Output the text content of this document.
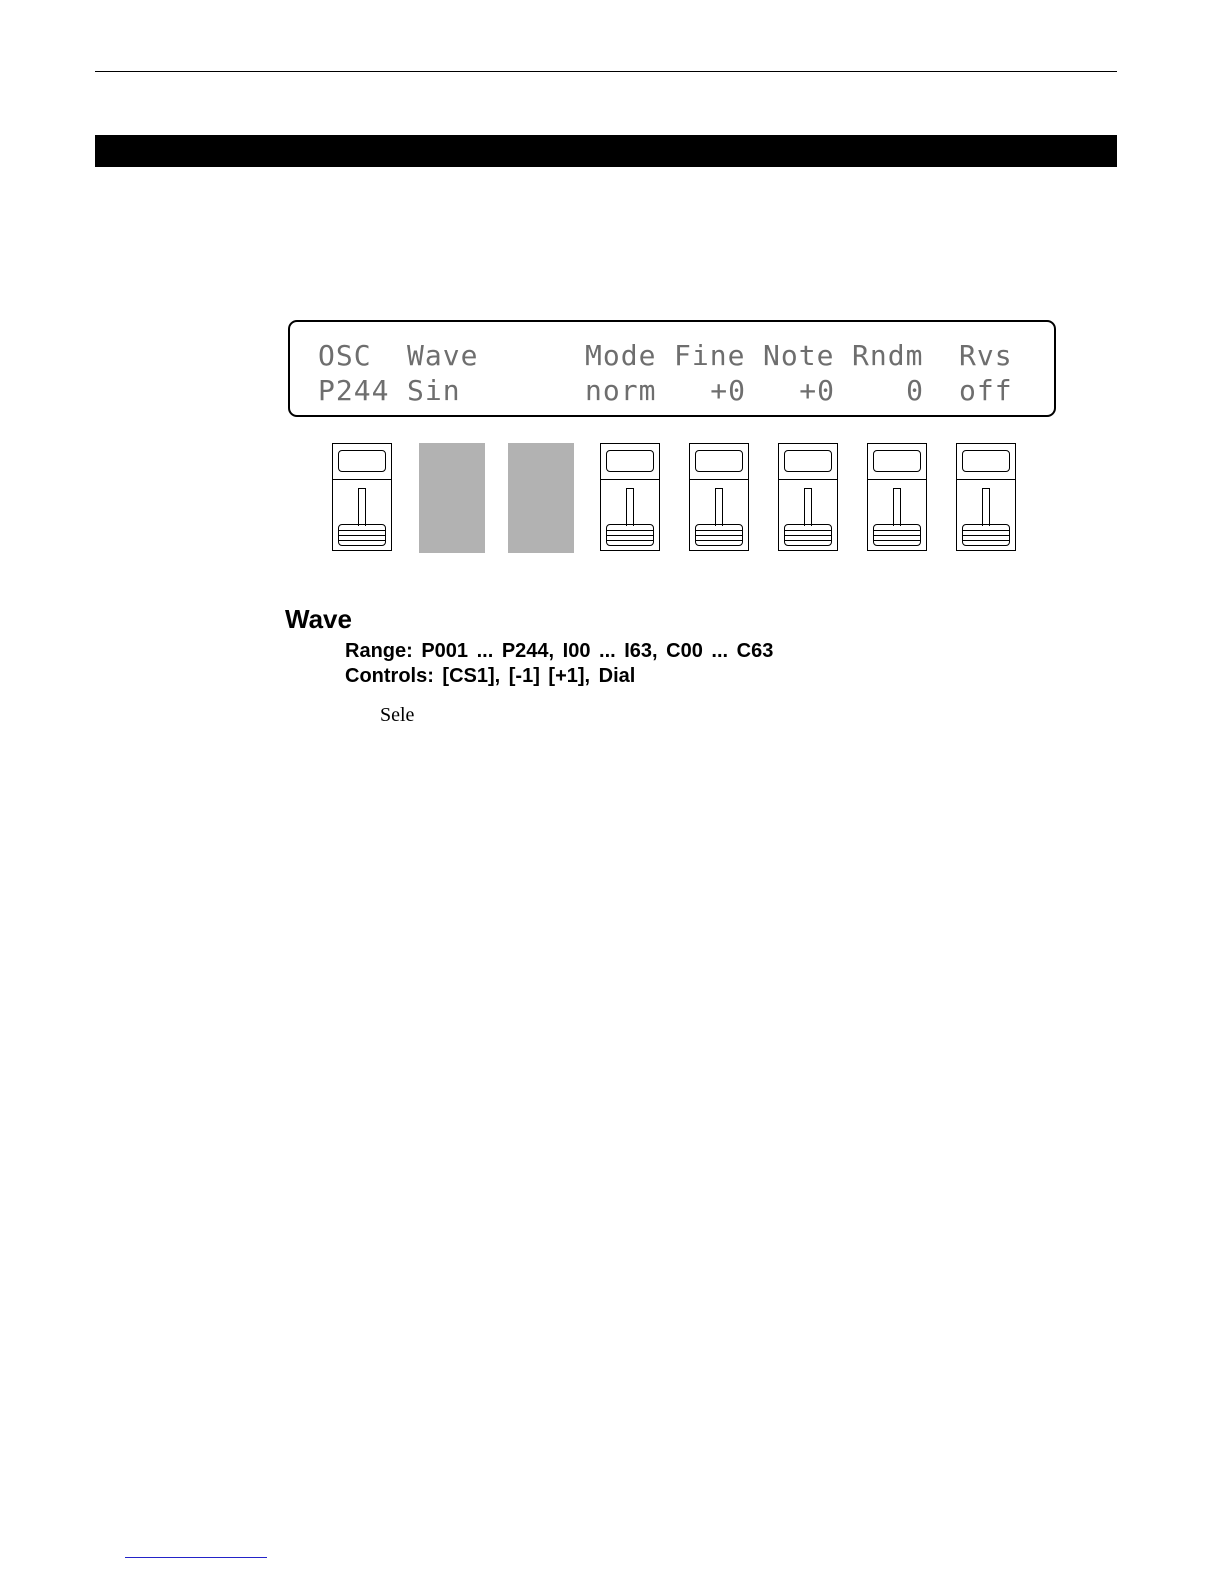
OSC Wave	Mode Fine Note Rndm Rvs
P244 Sin	norm	+0	+0	0 off
Wave
Range: P001 ... P244, I00 ... I63, C00 ... C63
Controls: [CS1], [-1] [+1], Dial
Sele
